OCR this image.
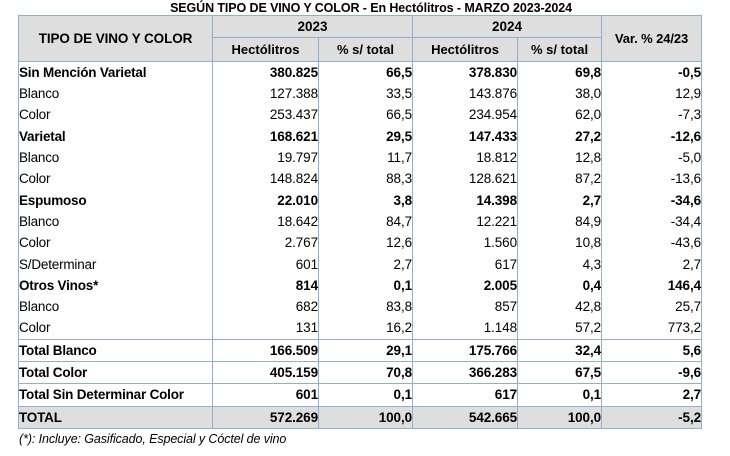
SEGÚN TIPO DE VINO Y COLOR - En Hectólitros - MARZO 2023-2024
TIPO DE VINO Y COLOR	2023		2024		Var. % 24/23
	Hectólitros	% s/ total	Hectólitros	% s/ total	
Sin Mención Varietal	380.825	66,5	378.830	69,8	-0,5
Blanco	127.388	33,5	143.876	38,0	12,9
Color	253.437	66,5	234.954	62,0	-7,3
Varietal	168.621	29,5	147.433	27,2	-12,6
Blanco	19.797	11,7	18.812	12,8	-5,0
Color	148.824	88,3	128.621	87,2	-13,6
Espumoso	22.010	3,8	14.398	2,7	-34,6
Blanco	18.642	84,7	12.221	84,9	-34,4
Color	2.767	12,6	1.560	10,8	-43,6
S/Determinar	601	2,7	617	4,3	2,7
Otros Vinos*	814	0,1	2.005	0,4	146,4
Blanco	682	83,8	857	42,8	25,7
Color	131	16,2	1.148	57,2	773,2
Total Blanco	166.509	29,1	175.766	32,4	5,6
Total Color	405.159	70,8	366.283	67,5	-9,6
Total Sin Determinar Color	601	0,1	617	0,1	2,7
TOTAL	572.269	100,0	542.665	100,0	-5,2
(*): Incluye: Gasificado, Especial y Cóctel de vino
